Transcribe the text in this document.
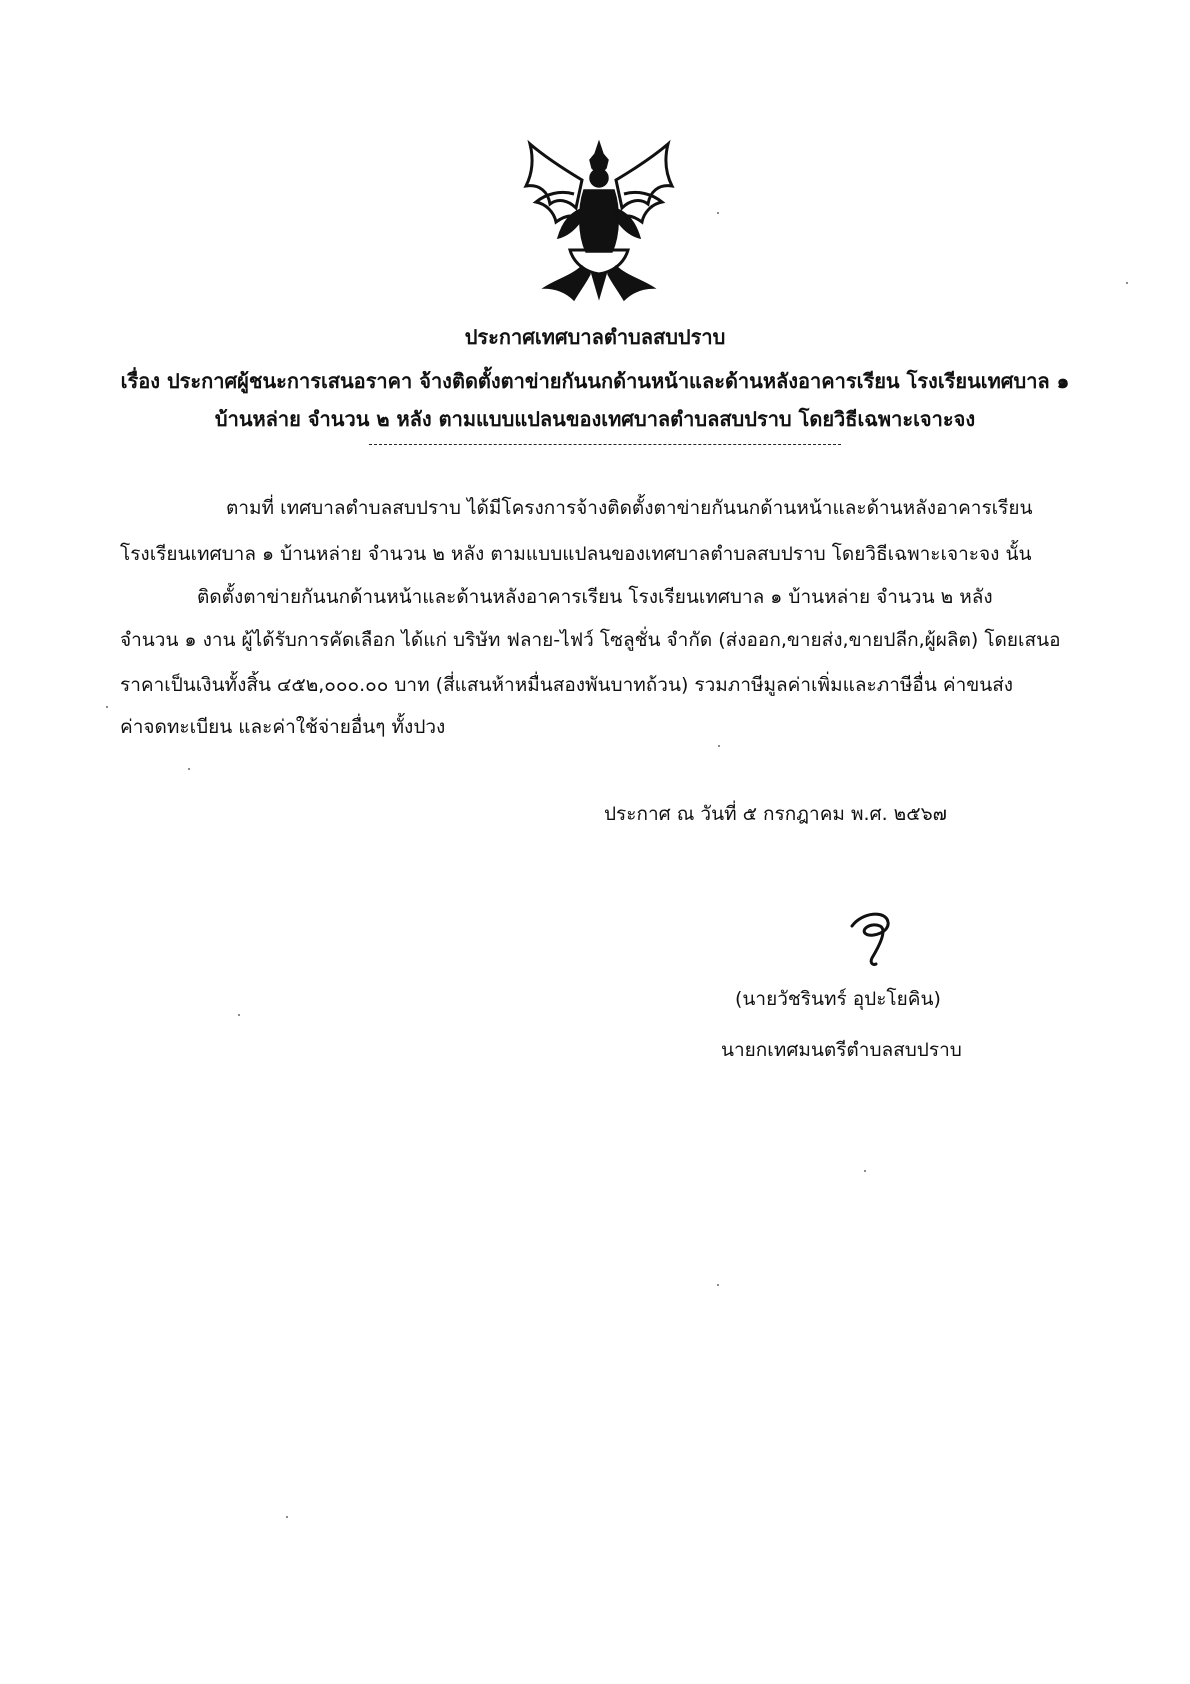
ประกาศเทศบาลตำบลสบปราบ
เรื่อง ประกาศผู้ชนะการเสนอราคา จ้างติดตั้งตาข่ายกันนกด้านหน้าและด้านหลังอาคารเรียน โรงเรียนเทศบาล ๑
บ้านหล่าย จำนวน ๒ หลัง ตามแบบแปลนของเทศบาลตำบลสบปราบ โดยวิธีเฉพาะเจาะจง
ตามที่ เทศบาลตำบลสบปราบ ได้มีโครงการจ้างติดตั้งตาข่ายกันนกด้านหน้าและด้านหลังอาคารเรียน
โรงเรียนเทศบาล ๑ บ้านหล่าย จำนวน ๒ หลัง ตามแบบแปลนของเทศบาลตำบลสบปราบ โดยวิธีเฉพาะเจาะจง นั้น
ติดตั้งตาข่ายกันนกด้านหน้าและด้านหลังอาคารเรียน โรงเรียนเทศบาล ๑ บ้านหล่าย จำนวน ๒ หลัง
จำนวน ๑ งาน ผู้ได้รับการคัดเลือก ได้แก่ บริษัท ฟลาย-ไฟว์ โซลูชั่น จำกัด (ส่งออก,ขายส่ง,ขายปลีก,ผู้ผลิต) โดยเสนอ
ราคาเป็นเงินทั้งสิ้น ๔๕๒,๐๐๐.๐๐ บาท (สี่แสนห้าหมื่นสองพันบาทถ้วน) รวมภาษีมูลค่าเพิ่มและภาษีอื่น ค่าขนส่ง
ค่าจดทะเบียน และค่าใช้จ่ายอื่นๆ ทั้งปวง
ประกาศ ณ วันที่ ๕ กรกฎาคม พ.ศ. ๒๕๖๗
(นายวัชรินทร์ อุปะโยคิน)
นายกเทศมนตรีตำบลสบปราบ
